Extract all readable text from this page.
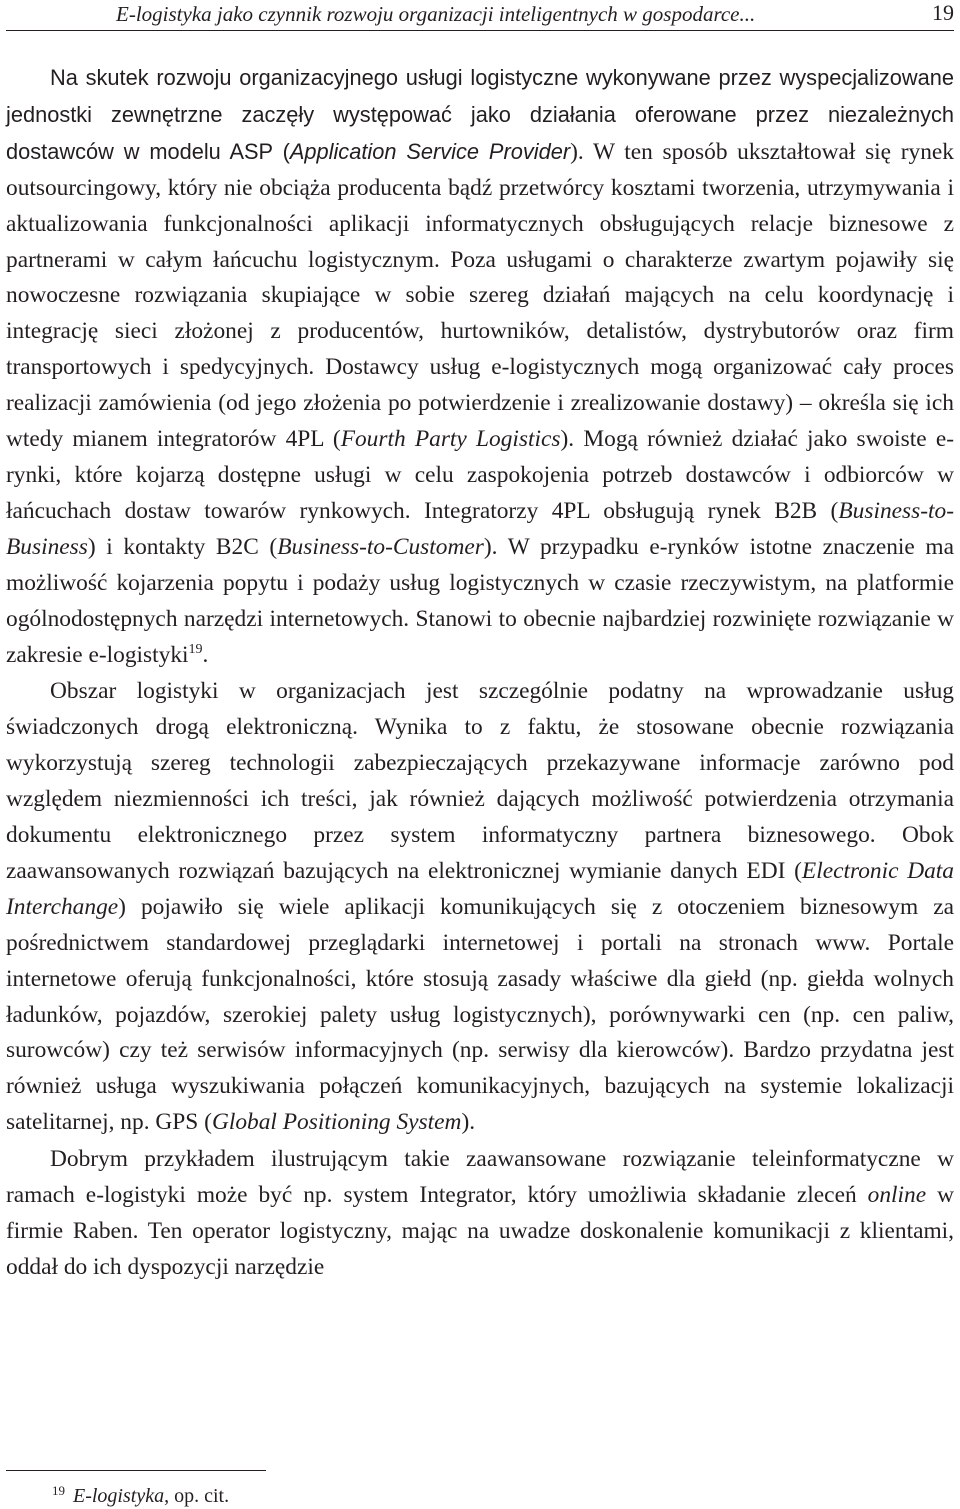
E-logistyka jako czynnik rozwoju organizacji inteligentnych w gospodarce...	19

Na skutek rozwoju organizacyjnego usługi logistyczne wykonywane przez wyspecjalizowane jednostki zewnętrzne zaczęły występować jako działania oferowane przez niezależnych dostawców w modelu ASP (Application Service Provider). W ten sposób ukształtował się rynek outsourcingowy, który nie obciąża producenta bądź przetwórcy kosztami tworzenia, utrzymywania i aktualizowania funkcjonalności aplikacji informatycznych obsługujących relacje biznesowe z partnerami w całym łańcuchu logistycznym. Poza usługami o charakterze zwartym pojawiły się nowoczesne rozwiązania skupiające w sobie szereg działań mających na celu koordynację i integrację sieci złożonej z producentów, hurtowników, detalistów, dystrybutorów oraz firm transportowych i spedycyjnych. Dostawcy usług e-logistycznych mogą organizować cały proces realizacji zamówienia (od jego złożenia po potwierdzenie i zrealizowanie dostawy) – określa się ich wtedy mianem integratorów 4PL (Fourth Party Logistics). Mogą również działać jako swoiste e-rynki, które kojarzą dostępne usługi w celu zaspokojenia potrzeb dostawców i odbiorców w łańcuchach dostaw towarów rynkowych. Integratorzy 4PL obsługują rynek B2B (Business-to-Business) i kontakty B2C (Business-to-Customer). W przypadku e-rynków istotne znaczenie ma możliwość kojarzenia popytu i podaży usług logistycznych w czasie rzeczywistym, na platformie ogólnodostępnych narzędzi internetowych. Stanowi to obecnie najbardziej rozwinięte rozwiązanie w zakresie e-logistyki$^{19}$.

Obszar logistyki w organizacjach jest szczególnie podatny na wprowadzanie usług świadczonych drogą elektroniczną. Wynika to z faktu, że stosowane obecnie rozwiązania wykorzystują szereg technologii zabezpieczających przekazywane informacje zarówno pod względem niezmienności ich treści, jak również dających możliwość potwierdzenia otrzymania dokumentu elektronicznego przez system informatyczny partnera biznesowego. Obok zaawansowanych rozwiązań bazujących na elektronicznej wymianie danych EDI (Electronic Data Interchange) pojawiło się wiele aplikacji komunikujących się z otoczeniem biznesowym za pośrednictwem standardowej przeglądarki internetowej i portali na stronach www. Portale internetowe oferują funkcjonalności, które stosują zasady właściwe dla giełd (np. giełda wolnych ładunków, pojazdów, szerokiej palety usług logistycznych), porównywarki cen (np. cen paliw, surowców) czy też serwisów informacyjnych (np. serwisy dla kierowców). Bardzo przydatna jest również usługa wyszukiwania połączeń komunikacyjnych, bazujących na systemie lokalizacji satelitarnej, np. GPS (Global Positioning System).

Dobrym przykładem ilustrującym takie zaawansowane rozwiązanie teleinformatyczne w ramach e-logistyki może być np. system Integrator, który umożliwia składanie zleceń online w firmie Raben. Ten operator logistyczny, mając na uwadze doskonalenie komunikacji z klientami, oddał do ich dyspozycji narzędzie

$^{19}$ E-logistyka, op. cit.
